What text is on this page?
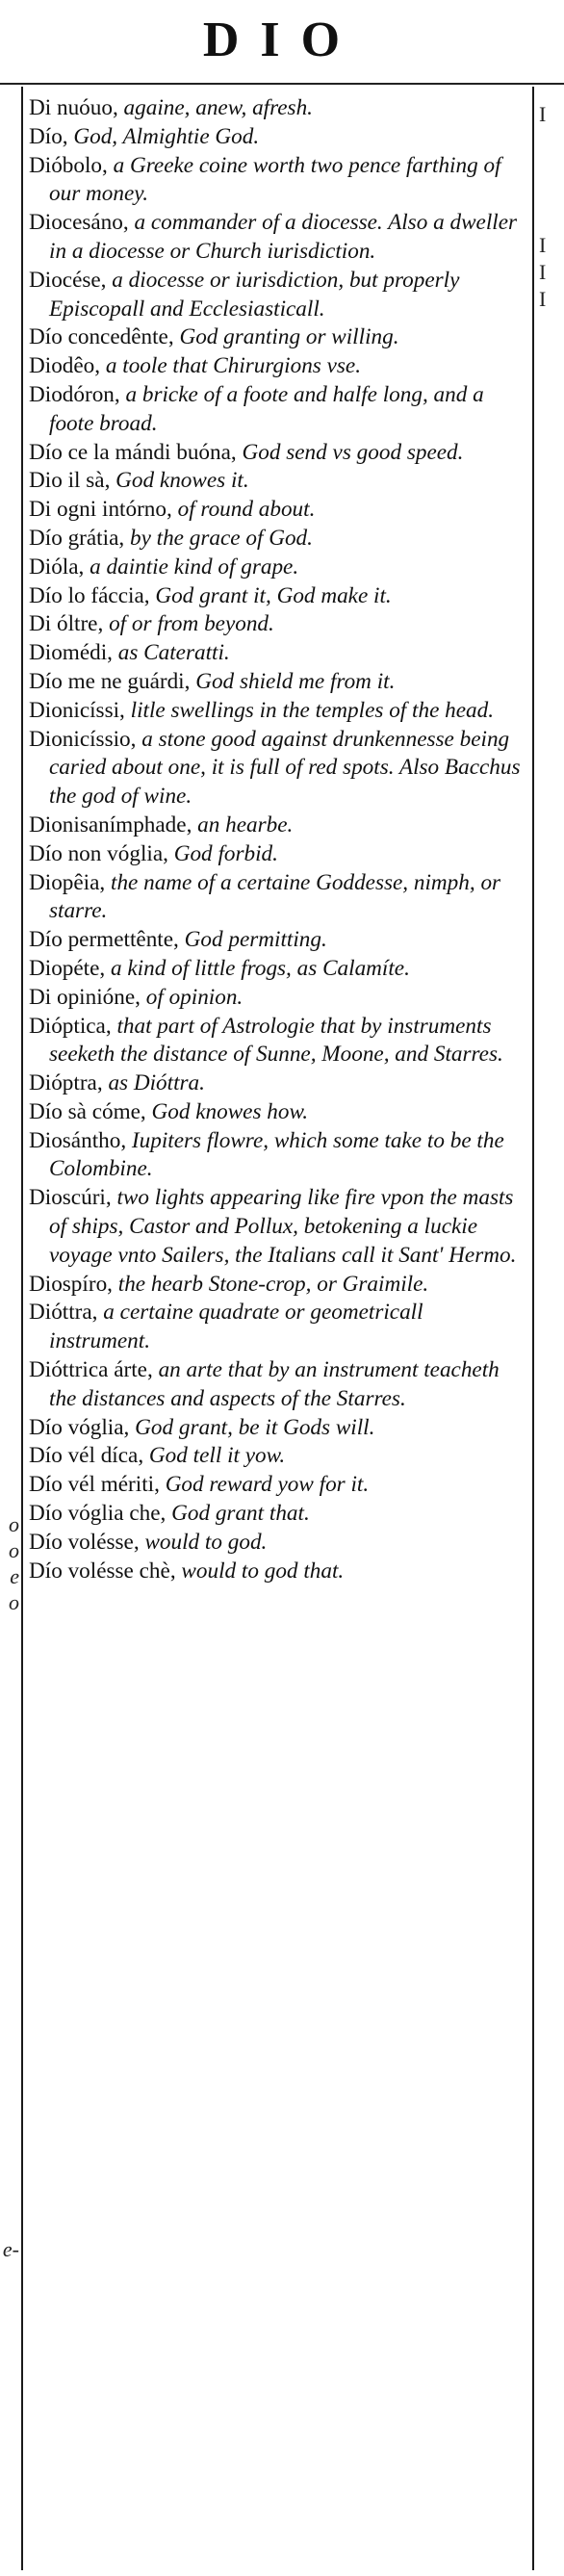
DIO
o
o
e
o
e-
I
I
I
I

Di nuóuo, againe, anew, afresh.

Dío, God, Almightie God.

Dióbolo, a Greeke coine worth two pence farthing of our money.

Diocesáno, a commander of a diocesse. Also a dweller in a diocesse or Church iurisdiction.

Diocése, a diocesse or iurisdiction, but properly Episcopall and Ecclesiasticall.

Dío concedênte, God granting or willing.

Diodêo, a toole that Chirurgions vse.

Diodóron, a bricke of a foote and halfe long, and a foote broad.

Dío ce la mándi buóna, God send vs good speed.

Dio il sà, God knowes it.

Di ogni intórno, of round about.

Dío grátia, by the grace of God.

Dióla, a daintie kind of grape.

Dío lo fáccia, God grant it, God make it.

Di óltre, of or from beyond.

Diomédi, as Cateratti.

Dío me ne guárdi, God shield me from it.

Dionicíssi, litle swellings in the temples of the head.

Dionicíssio, a stone good against drunkennesse being caried about one, it is full of red spots. Also Bacchus the god of wine.

Dionisanímphade, an hearbe.

Dío non vóglia, God forbid.

Diopêia, the name of a certaine Goddesse, nimph, or starre.

Dío permettênte, God permitting.

Diopéte, a kind of little frogs, as Calamíte.

Di opinióne, of opinion.

Dióptica, that part of Astrologie that by instruments seeketh the distance of Sunne, Moone, and Starres.

Dióptra, as Dióttra.

Dío sà cóme, God knowes how.

Diosántho, Iupiters flowre, which some take to be the Colombine.

Dioscúri, two lights appearing like fire vpon the masts of ships, Castor and Pollux, betokening a luckie voyage vnto Sailers, the Italians call it Sant' Hermo.

Diospíro, the hearb Stone-crop, or Graimile.

Dióttra, a certaine quadrate or geometricall instrument.

Dióttrica árte, an arte that by an instrument teacheth the distances and aspects of the Starres.

Dío vóglia, God grant, be it Gods will.

Dío vél díca, God tell it yow.

Dío vél mériti, God reward yow for it.

Dío vóglia che, God grant that.

Dío voléssе, would to god.

Dío voléssе chè, would to god that.
